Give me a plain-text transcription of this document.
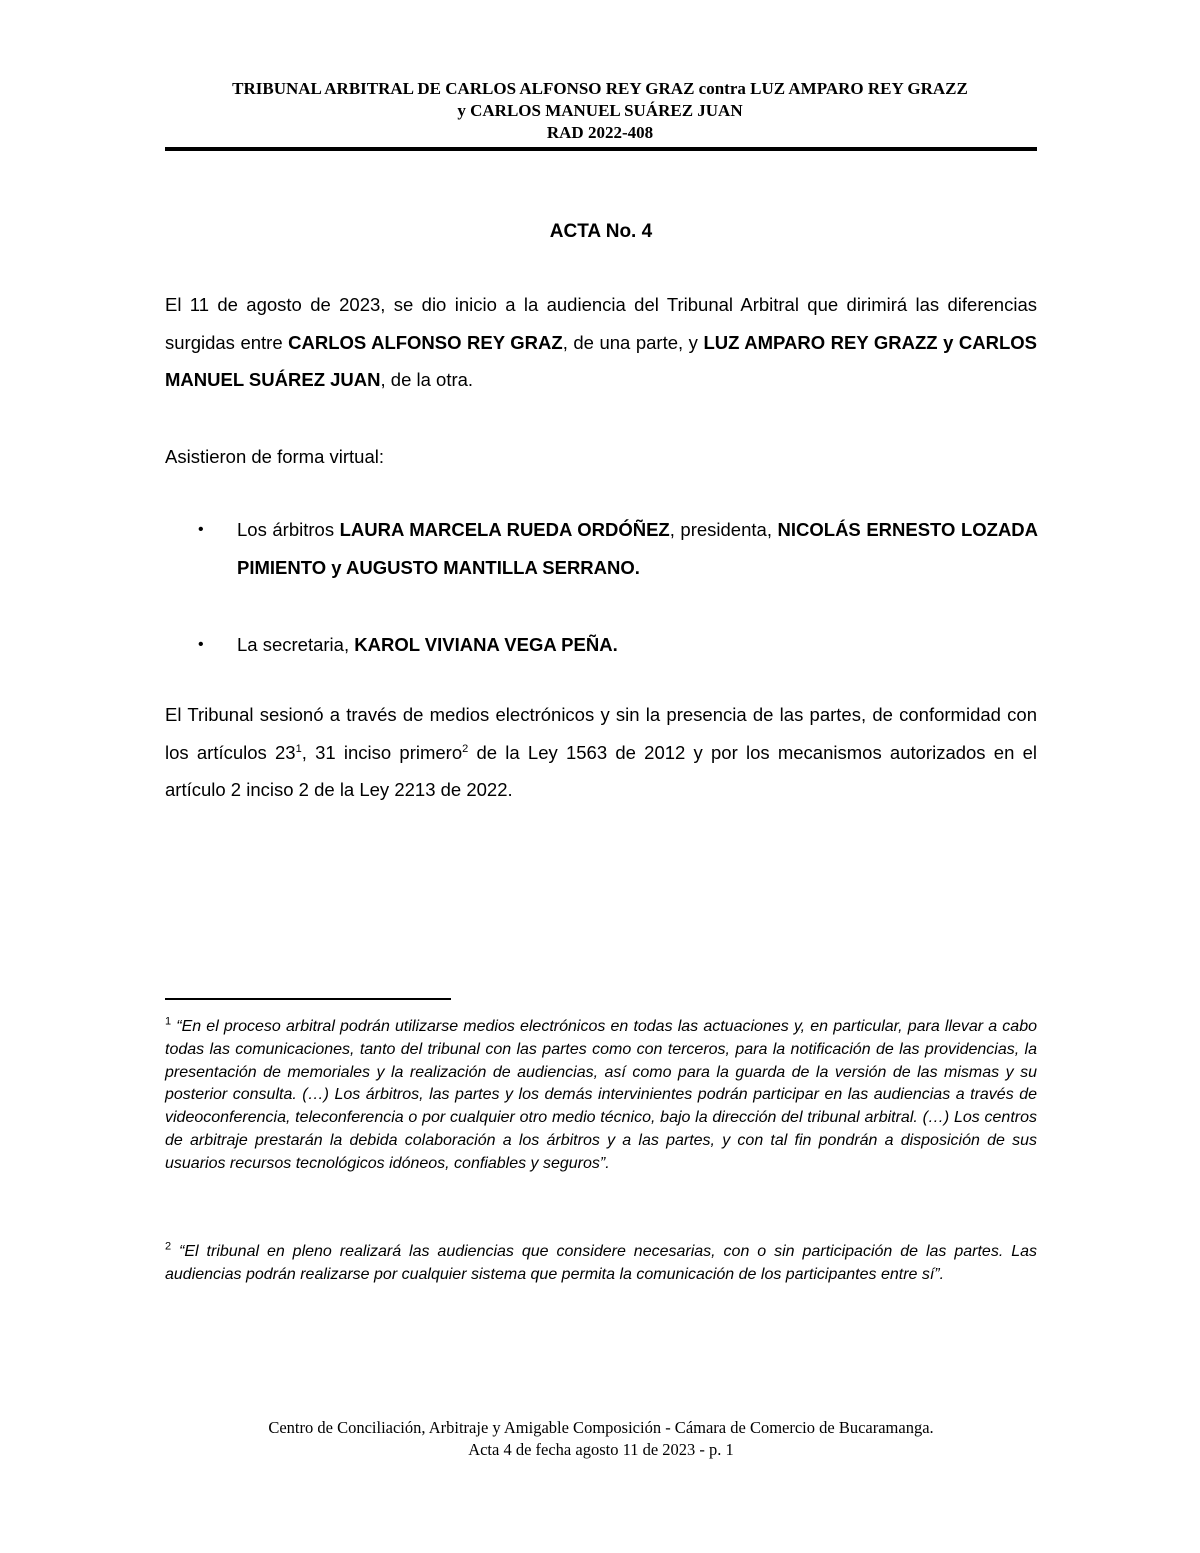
TRIBUNAL ARBITRAL DE CARLOS ALFONSO REY GRAZ contra LUZ AMPARO REY GRAZZ
y CARLOS MANUEL SUÁREZ JUAN
RAD 2022-408
ACTA No. 4

El 11 de agosto de 2023, se dio inicio a la audiencia del Tribunal Arbitral que dirimirá las diferencias surgidas entre CARLOS ALFONSO REY GRAZ, de una parte, y LUZ AMPARO REY GRAZZ y CARLOS MANUEL SUÁREZ JUAN, de la otra.

Asistieron de forma virtual:

• Los árbitros LAURA MARCELA RUEDA ORDÓÑEZ, presidenta, NICOLÁS ERNESTO LOZADA PIMIENTO y AUGUSTO MANTILLA SERRANO.
• La secretaria, KAROL VIVIANA VEGA PEÑA.

El Tribunal sesionó a través de medios electrónicos y sin la presencia de las partes, de conformidad con los artículos $23^1$, 31 inciso primero$^2$ de la Ley 1563 de 2012 y por los mecanismos autorizados en el artículo 2 inciso 2 de la Ley 2213 de 2022.

$^1$ “En el proceso arbitral podrán utilizarse medios electrónicos en todas las actuaciones y, en particular, para llevar a cabo todas las comunicaciones, tanto del tribunal con las partes como con terceros, para la notificación de las providencias, la presentación de memoriales y la realización de audiencias, así como para la guarda de la versión de las mismas y su posterior consulta. (…) Los árbitros, las partes y los demás intervinientes podrán participar en las audiencias a través de videoconferencia, teleconferencia o por cualquier otro medio técnico, bajo la dirección del tribunal arbitral. (…) Los centros de arbitraje prestarán la debida colaboración a los árbitros y a las partes, y con tal fin pondrán a disposición de sus usuarios recursos tecnológicos idóneos, confiables y seguros”.

$^2$ “El tribunal en pleno realizará las audiencias que considere necesarias, con o sin participación de las partes. Las audiencias podrán realizarse por cualquier sistema que permita la comunicación de los participantes entre sí”.

Centro de Conciliación, Arbitraje y Amigable Composición - Cámara de Comercio de Bucaramanga.
Acta 4 de fecha agosto 11 de 2023 - p. 1
